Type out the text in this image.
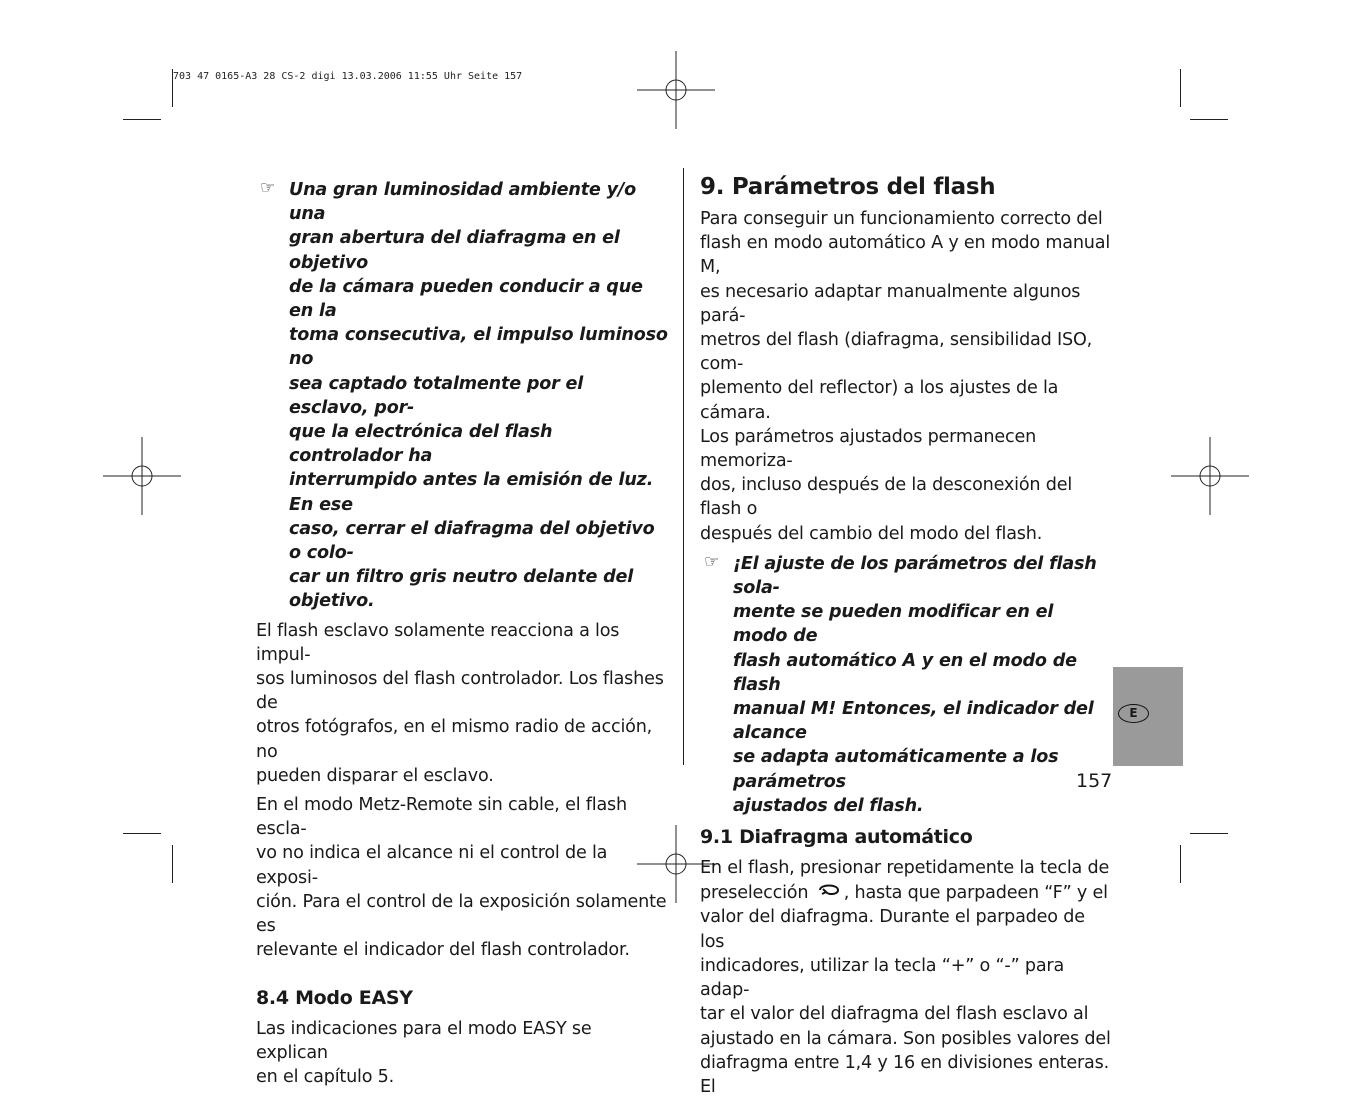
703 47 0165-A3 28 CS-2 digi 13.03.2006 11:55 Uhr Seite 157
☞ Una gran luminosidad ambiente y/o una

gran abertura del diafragma en el objetivo

de la cámara pueden conducir a que en la

toma consecutiva, el impulso luminoso no

sea captado totalmente por el esclavo, por-

que la electrónica del flash controlador ha

interrumpido antes la emisión de luz. En ese

caso, cerrar el diafragma del objetivo o colo-

car un filtro gris neutro delante del objetivo.

El flash esclavo solamente reacciona a los impul-

sos luminosos del flash controlador. Los flashes de

otros fotógrafos, en el mismo radio de acción, no

pueden disparar el esclavo.

En el modo Metz-Remote sin cable, el flash escla-

vo no indica el alcance ni el control de la exposi-

ción. Para el control de la exposición solamente es

relevante el indicador del flash controlador.

8.4 Modo EASY

Las indicaciones para el modo EASY se explican

en el capítulo 5.

9. Parámetros del flash

Para conseguir un funcionamiento correcto del

flash en modo automático A y en modo manual M,

es necesario adaptar manualmente algunos pará-

metros del flash (diafragma, sensibilidad ISO, com-

plemento del reflector) a los ajustes de la cámara.

Los parámetros ajustados permanecen memoriza-

dos, incluso después de la desconexión del flash o

después del cambio del modo del flash.

☞ ¡El ajuste de los parámetros del flash sola-

mente se pueden modificar en el modo de

flash automático A y en el modo de flash

manual M! Entonces, el indicador del alcance

se adapta automáticamente a los parámetros

ajustados del flash.

9.1 Diafragma automático

En el flash, presionar repetidamente la tecla de

preselección , hasta que parpadeen “F” y el

valor del diafragma. Durante el parpadeo de los

indicadores, utilizar la tecla “+” o “-” para adap-

tar el valor del diafragma del flash esclavo al

ajustado en la cámara. Son posibles valores del

diafragma entre 1,4 y 16 en divisiones enteras. El

E
157
